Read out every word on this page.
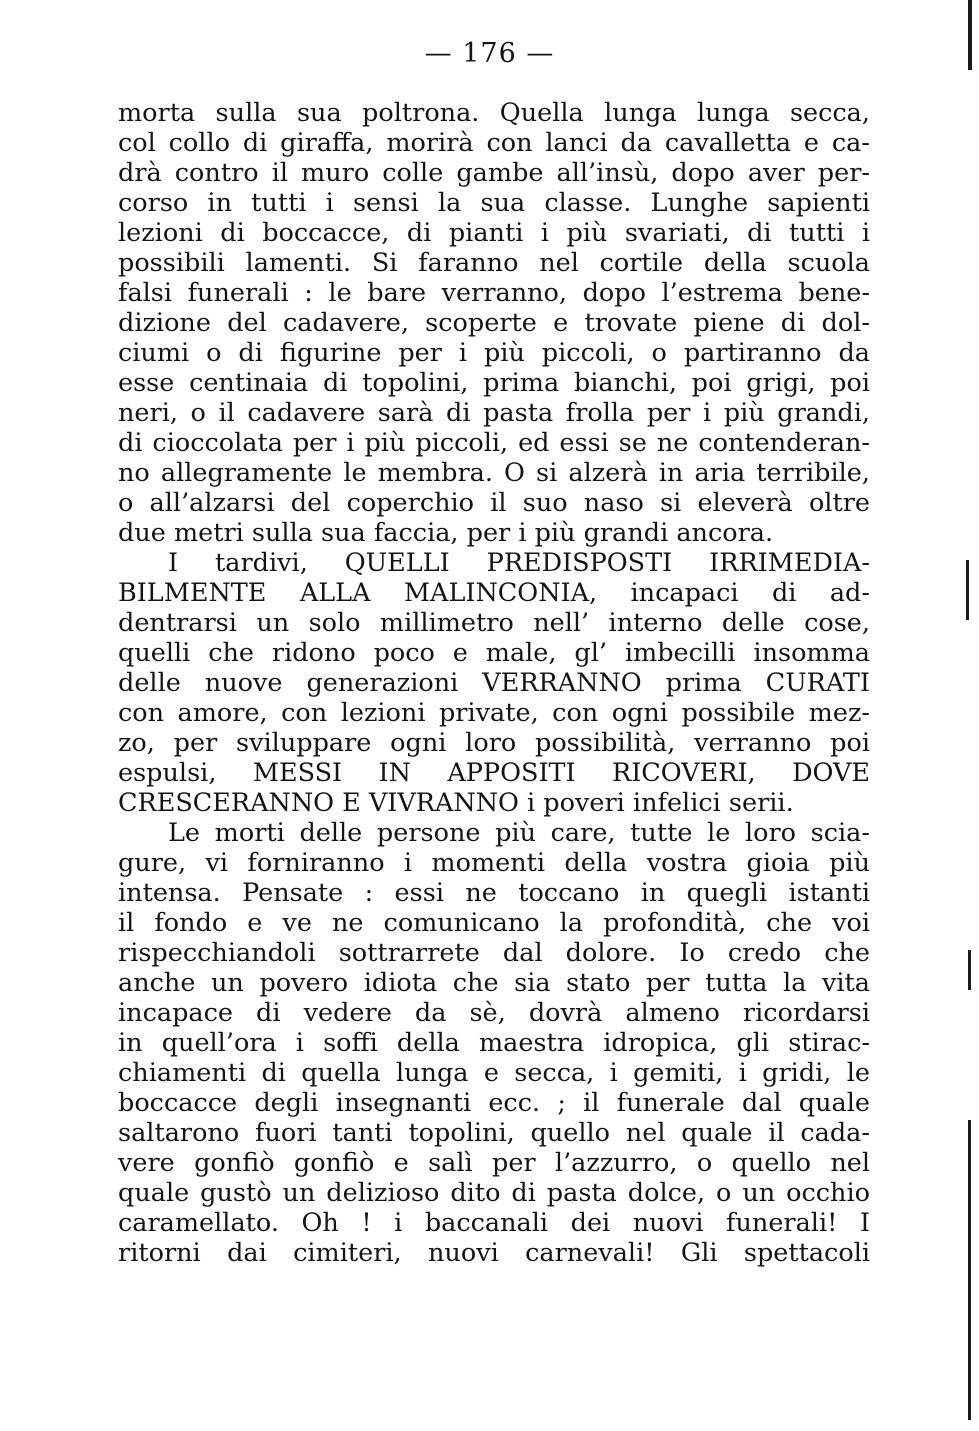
— 176 —
morta sulla sua poltrona. Quella lunga lunga secca,
col collo di giraffa, morirà con lanci da cavalletta e ca-
drà contro il muro colle gambe all’insù, dopo aver per-
corso in tutti i sensi la sua classe. Lunghe sapienti
lezioni di boccacce, di pianti i più svariati, di tutti i
possibili lamenti. Si faranno nel cortile della scuola
falsi funerali : le bare verranno, dopo l’estrema bene-
dizione del cadavere, scoperte e trovate piene di dol-
ciumi o di figurine per i più piccoli, o partiranno da
esse centinaia di topolini, prima bianchi, poi grigi, poi
neri, o il cadavere sarà di pasta frolla per i più grandi,
di cioccolata per i più piccoli, ed essi se ne contenderan-
no allegramente le membra. O si alzerà in aria terribile,
o all’alzarsi del coperchio il suo naso si eleverà oltre
due metri sulla sua faccia, per i più grandi ancora.
I tardivi, QUELLI PREDISPOSTI IRRIMEDIA-
BILMENTE ALLA MALINCONIA, incapaci di ad-
dentrarsi un solo millimetro nell’ interno delle cose,
quelli che ridono poco e male, gl’ imbecilli insomma
delle nuove generazioni VERRANNO prima CURATI
con amore, con lezioni private, con ogni possibile mez-
zo, per sviluppare ogni loro possibilità, verranno poi
espulsi, MESSI IN APPOSITI RICOVERI, DOVE
CRESCERANNO E VIVRANNO i poveri infelici serii.
Le morti delle persone più care, tutte le loro scia-
gure, vi forniranno i momenti della vostra gioia più
intensa. Pensate : essi ne toccano in quegli istanti
il fondo e ve ne comunicano la profondità, che voi
rispecchiandoli sottrarrete dal dolore. Io credo che
anche un povero idiota che sia stato per tutta la vita
incapace di vedere da sè, dovrà almeno ricordarsi
in quell’ora i soffi della maestra idropica, gli stirac-
chiamenti di quella lunga e secca, i gemiti, i gridi, le
boccacce degli insegnanti ecc. ; il funerale dal quale
saltarono fuori tanti topolini, quello nel quale il cada-
vere gonfiò gonfiò e salì per l’azzurro, o quello nel
quale gustò un delizioso dito di pasta dolce, o un occhio
caramellato. Oh ! i baccanali dei nuovi funerali! I
ritorni dai cimiteri, nuovi carnevali! Gli spettacoli
